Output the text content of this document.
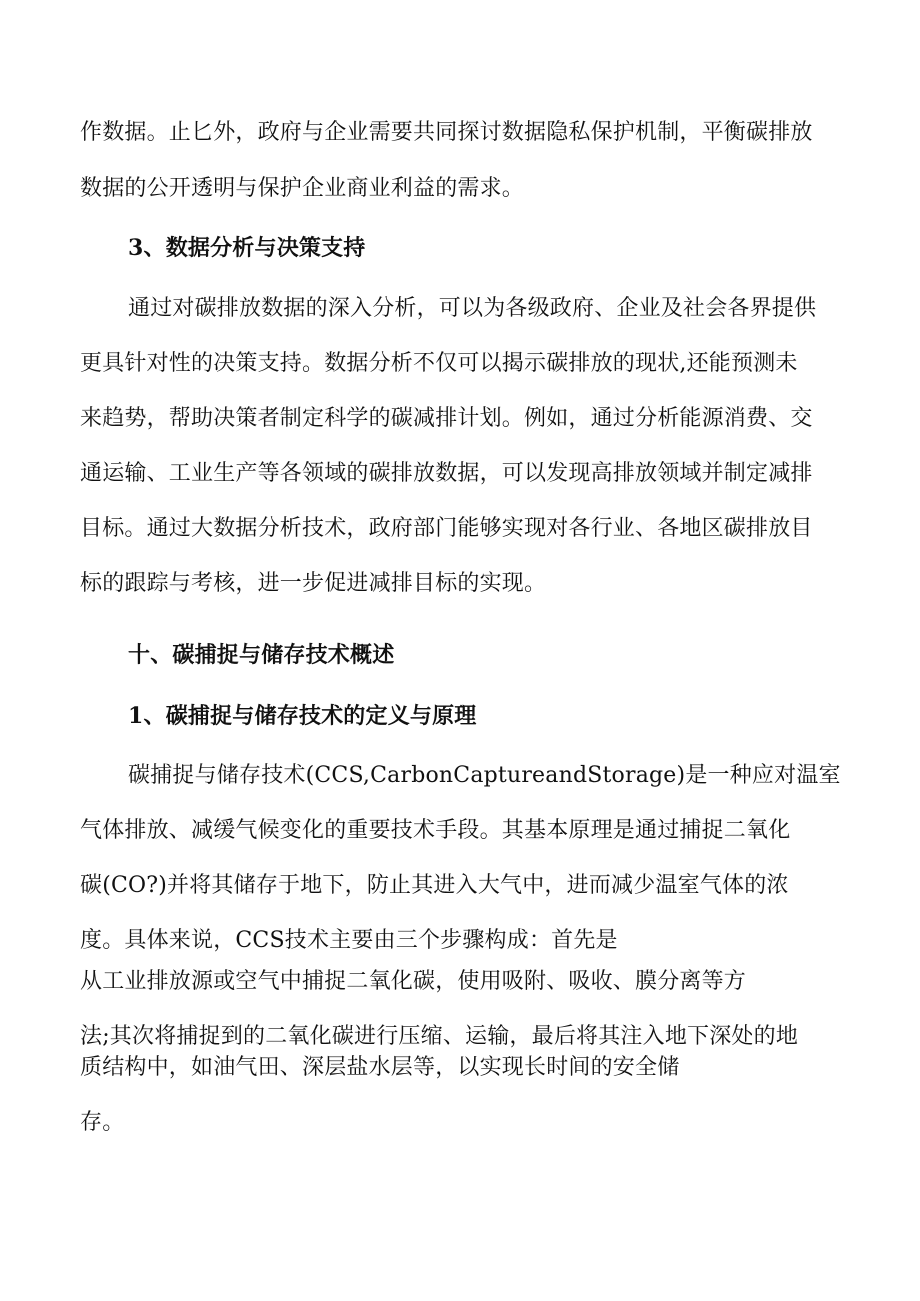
作数据。止匕外，政府与企业需要共同探讨数据隐私保护机制，平衡碳排放
数据的公开透明与保护企业商业利益的需求。
3、数据分析与决策支持
通过对碳排放数据的深入分析，可以为各级政府、企业及社会各界提供
更具针对性的决策支持。数据分析不仅可以揭示碳排放的现状,还能预测未
来趋势，帮助决策者制定科学的碳减排计划。例如，通过分析能源消费、交
通运输、工业生产等各领域的碳排放数据，可以发现高排放领域并制定减排
目标。通过大数据分析技术，政府部门能够实现对各行业、各地区碳排放目
标的跟踪与考核，进一步促进减排目标的实现。
十、碳捕捉与储存技术概述
1、碳捕捉与储存技术的定义与原理
碳捕捉与储存技术(CCS,CarbonCaptureandStorage)是一种应对温室
气体排放、减缓气候变化的重要技术手段。其基本原理是通过捕捉二氧化
碳(CO?)并将其储存于地下，防止其进入大气中，进而减少温室气体的浓
度。具体来说，CCS技术主要由三个步骤构成：首先是
从工业排放源或空气中捕捉二氧化碳，使用吸附、吸收、膜分离等方
法;其次将捕捉到的二氧化碳进行压缩、运输，最后将其注入地下深处的地
质结构中，如油气田、深层盐水层等，以实现长时间的安全储
存。
